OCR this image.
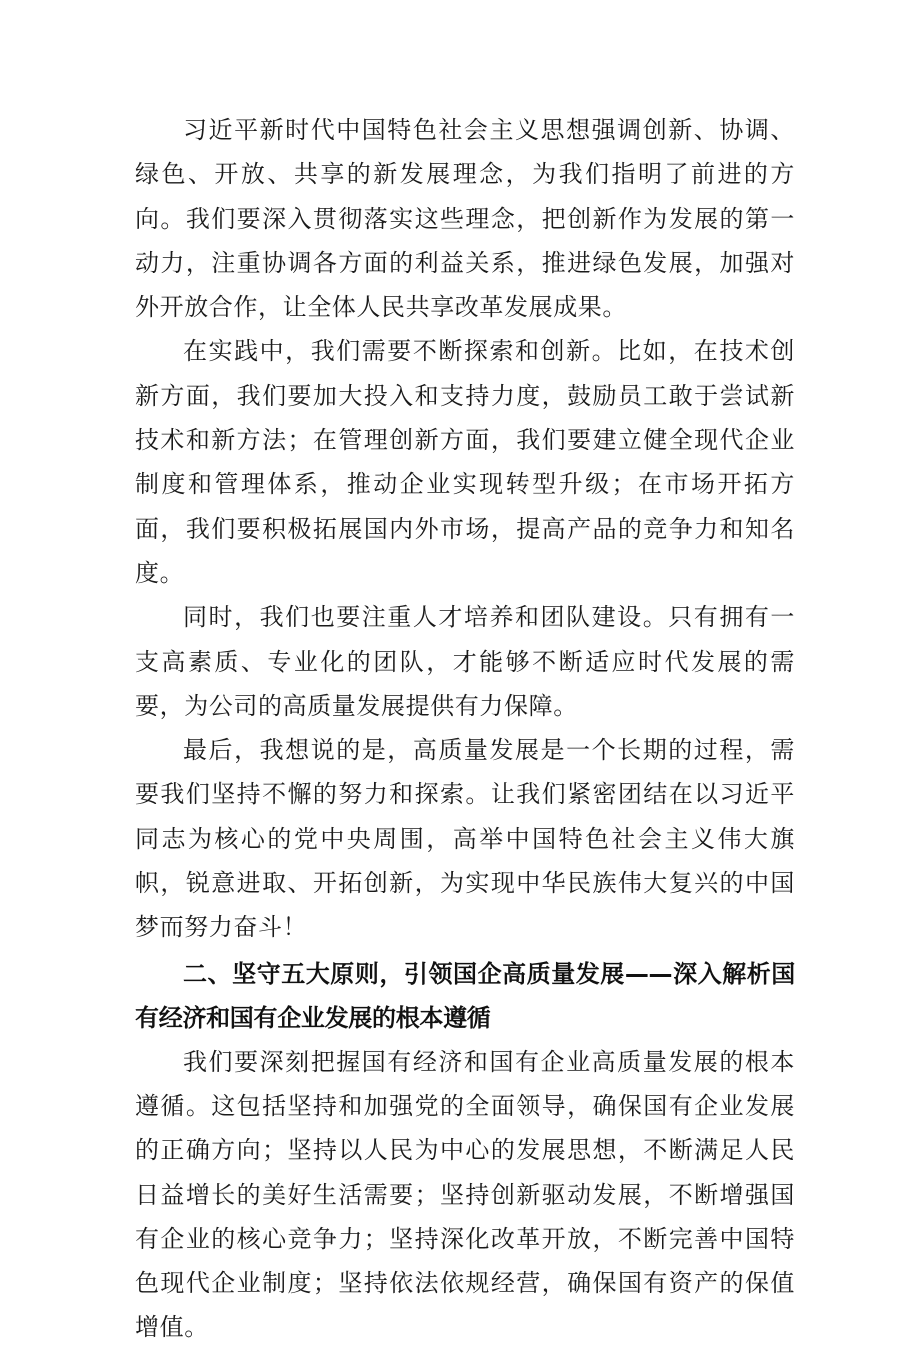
习近平新时代中国特色社会主义思想强调创新、协调、绿色、开放、共享的新发展理念，为我们指明了前进的方向。我们要深入贯彻落实这些理念，把创新作为发展的第一动力，注重协调各方面的利益关系，推进绿色发展，加强对外开放合作，让全体人民共享改革发展成果。

在实践中，我们需要不断探索和创新。比如，在技术创新方面，我们要加大投入和支持力度，鼓励员工敢于尝试新技术和新方法；在管理创新方面，我们要建立健全现代企业制度和管理体系，推动企业实现转型升级；在市场开拓方面，我们要积极拓展国内外市场，提高产品的竞争力和知名度。

同时，我们也要注重人才培养和团队建设。只有拥有一支高素质、专业化的团队，才能够不断适应时代发展的需要，为公司的高质量发展提供有力保障。

最后，我想说的是，高质量发展是一个长期的过程，需要我们坚持不懈的努力和探索。让我们紧密团结在以习近平同志为核心的党中央周围，高举中国特色社会主义伟大旗帜，锐意进取、开拓创新，为实现中华民族伟大复兴的中国梦而努力奋斗！

二、坚守五大原则，引领国企高质量发展——深入解析国有经济和国有企业发展的根本遵循

我们要深刻把握国有经济和国有企业高质量发展的根本遵循。这包括坚持和加强党的全面领导，确保国有企业发展的正确方向；坚持以人民为中心的发展思想，不断满足人民日益增长的美好生活需要；坚持创新驱动发展，不断增强国有企业的核心竞争力；坚持深化改革开放，不断完善中国特色现代企业制度；坚持依法依规经营，确保国有资产的保值增值。
